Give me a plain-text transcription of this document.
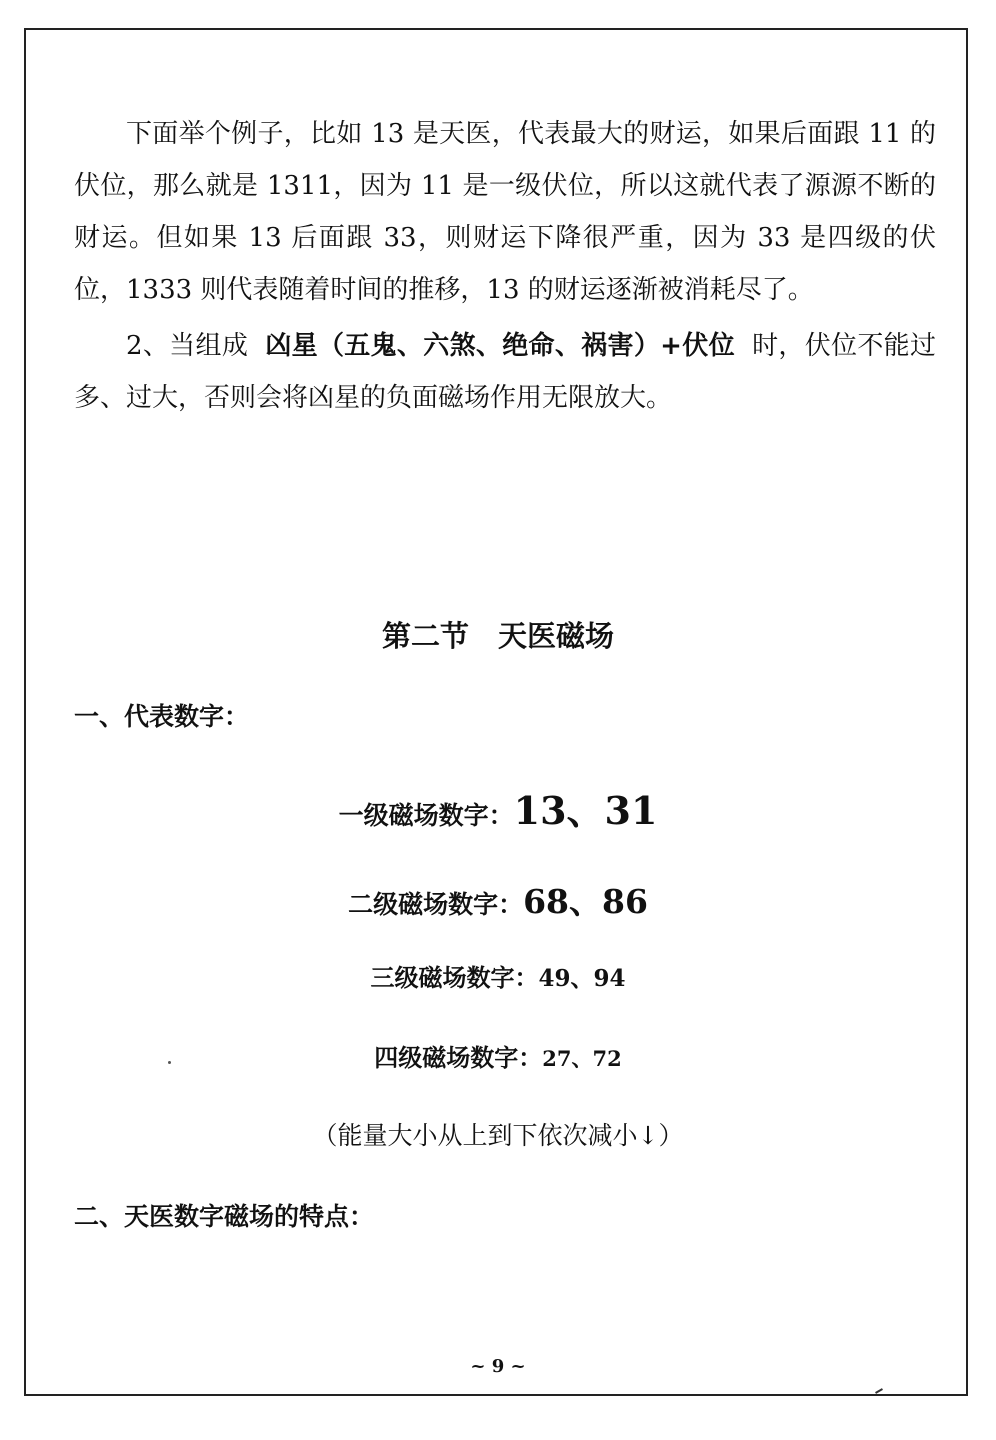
下面举个例子，比如 13 是天医，代表最大的财运，如果后面跟 11 的伏位，那么就是 1311，因为 11 是一级伏位，所以这就代表了源源不断的财运。但如果 13 后面跟 33，则财运下降很严重，因为 33 是四级的伏位，1333 则代表随着时间的推移，13 的财运逐渐被消耗尽了。

2、当组成 凶星（五鬼、六煞、绝命、祸害）+伏位 时，伏位不能过多、过大，否则会将凶星的负面磁场作用无限放大。

第二节　天医磁场
一、代表数字：
一级磁场数字：13、31
二级磁场数字：68、86
三级磁场数字：49、94
四级磁场数字：27、72
（能量大小从上到下依次减小↓）
二、天医数字磁场的特点：
~ 9 ~
